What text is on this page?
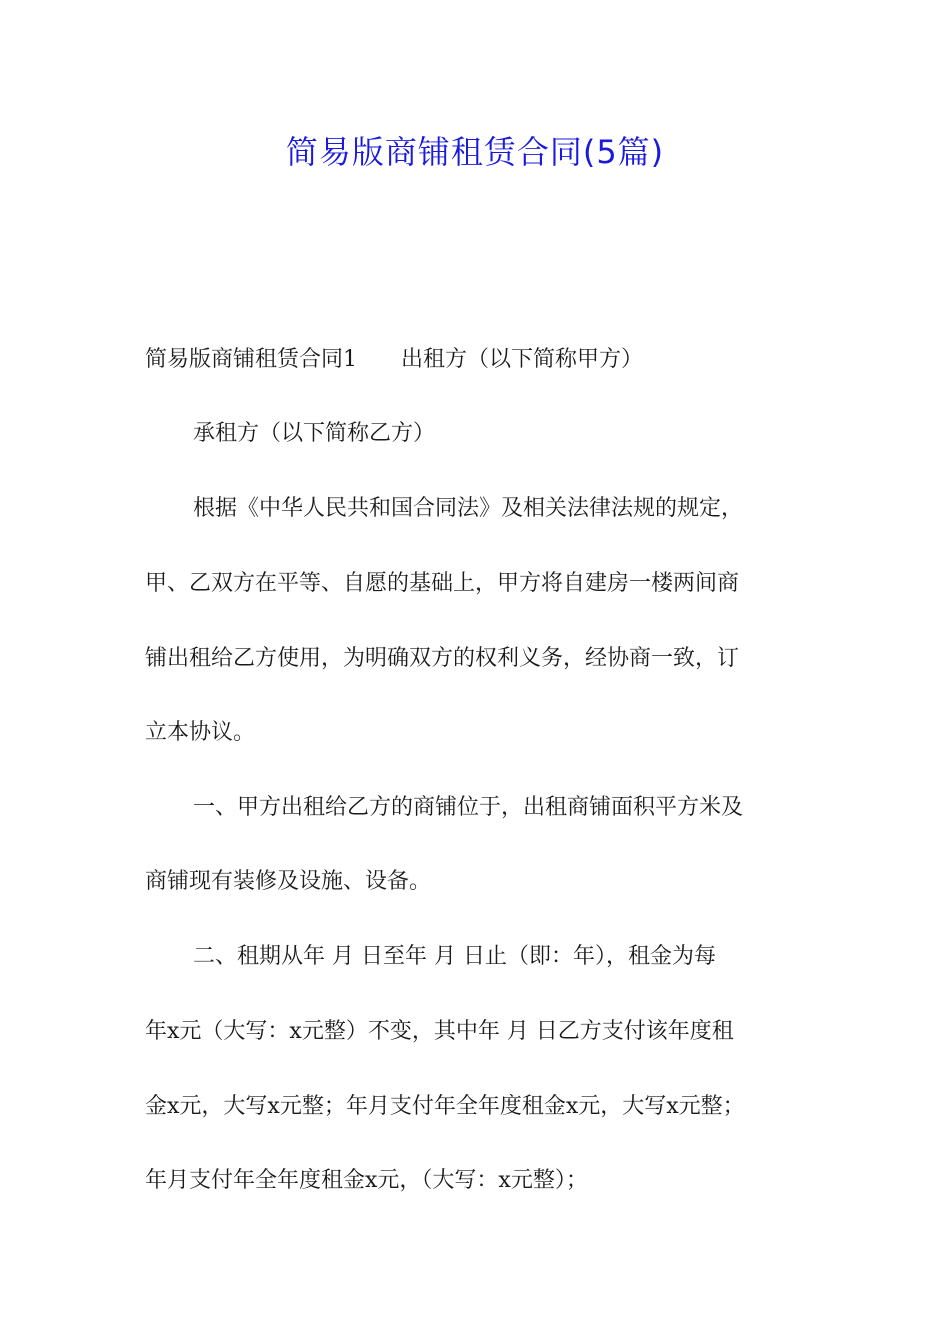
简易版商铺租赁合同(5篇)

简易版商铺租赁合同1 出租方（以下简称甲方）

承租方（以下简称乙方）

根据《中华人民共和国合同法》及相关法律法规的规定，

甲、乙双方在平等、自愿的基础上，甲方将自建房一楼两间商

铺出租给乙方使用，为明确双方的权利义务，经协商一致，订

立本协议。

一、甲方出租给乙方的商铺位于，出租商铺面积平方米及

商铺现有装修及设施、设备。

二、租期从年 月 日至年 月 日止（即：年），租金为每

年x元（大写：x元整）不变，其中年 月 日乙方支付该年度租

金x元，大写x元整；年月支付年全年度租金x元，大写x元整；

年月支付年全年度租金x元，（大写：x元整）；
